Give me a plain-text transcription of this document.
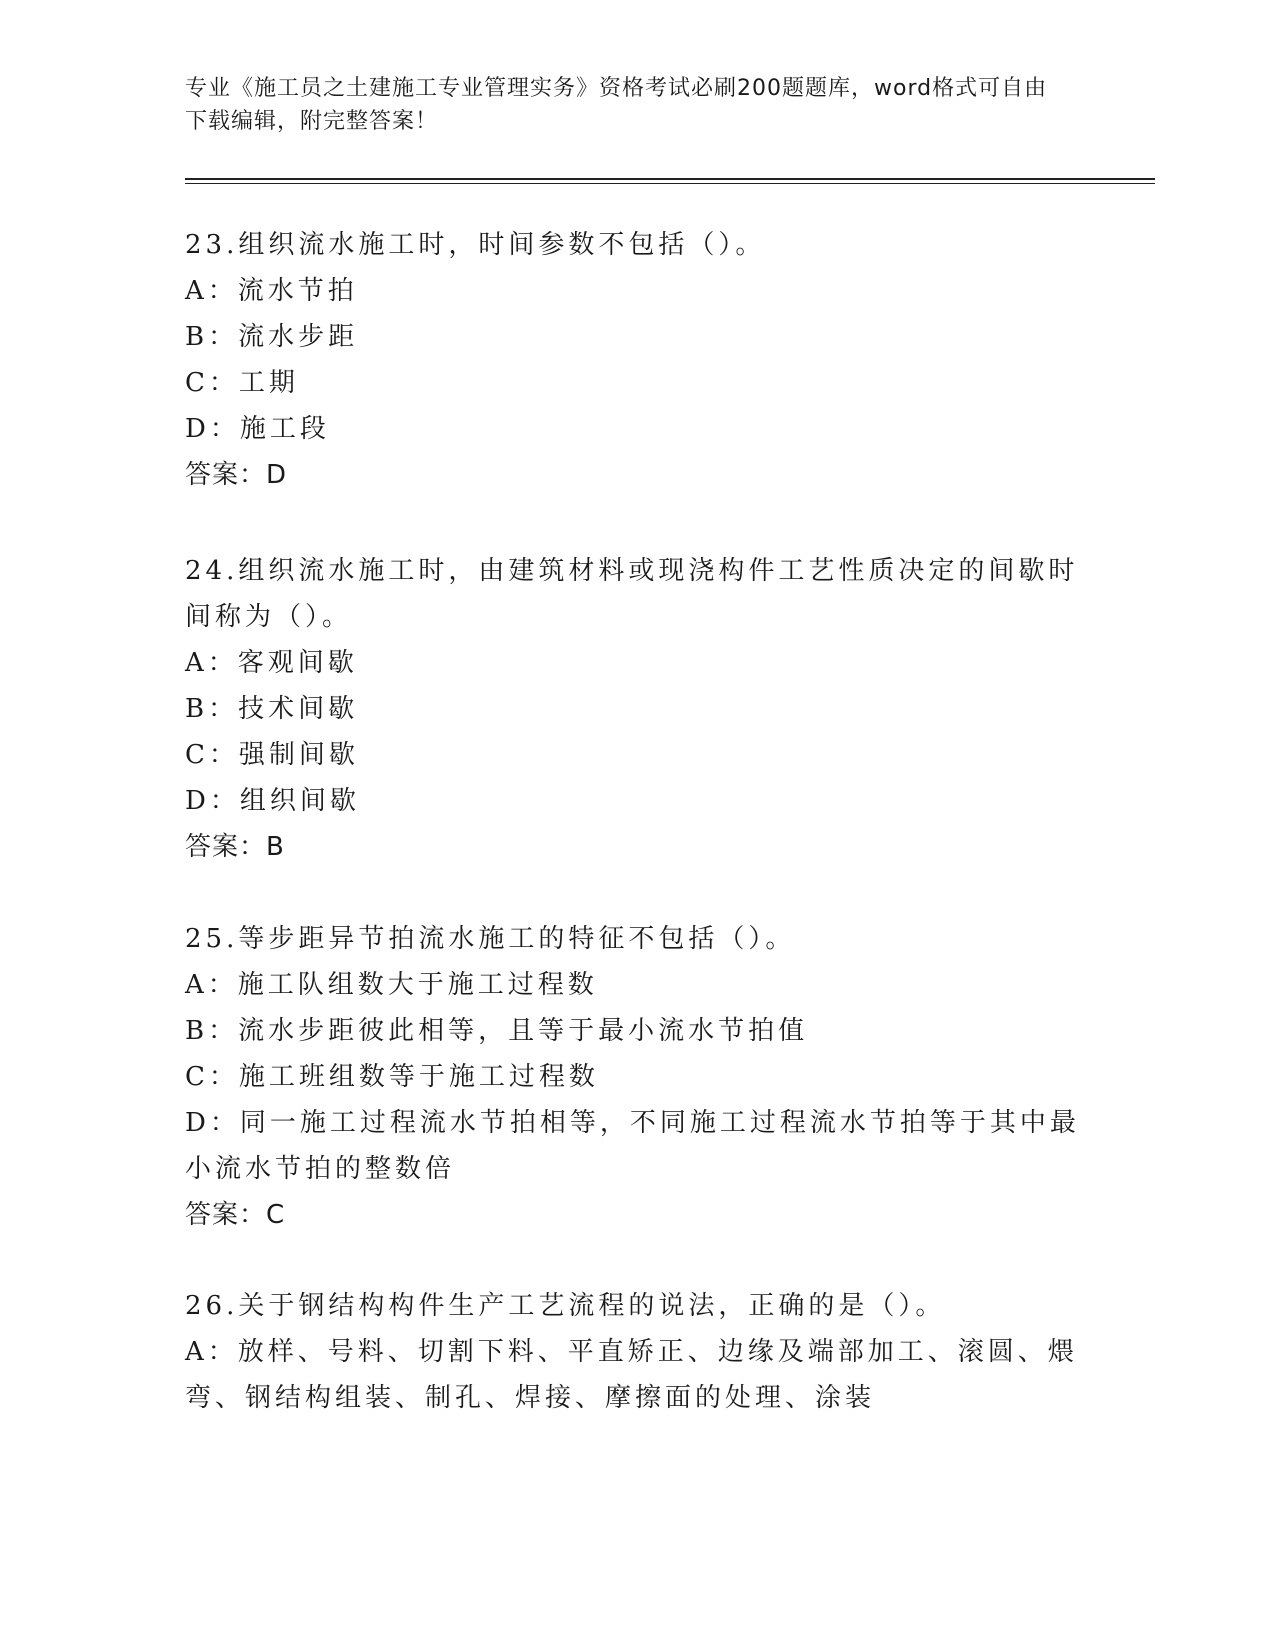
专业《施工员之土建施工专业管理实务》资格考试必刷200题题库，word格式可自由下载编辑，附完整答案！
23.组织流水施工时，时间参数不包括（）。
A：流水节拍
B：流水步距
C：工期
D：施工段
答案：D
24.组织流水施工时，由建筑材料或现浇构件工艺性质决定的间歇时间称为（）。
A：客观间歇
B：技术间歇
C：强制间歇
D：组织间歇
答案：B
25.等步距异节拍流水施工的特征不包括（）。
A：施工队组数大于施工过程数
B：流水步距彼此相等，且等于最小流水节拍值
C：施工班组数等于施工过程数
D：同一施工过程流水节拍相等，不同施工过程流水节拍等于其中最小流水节拍的整数倍
答案：C
26.关于钢结构构件生产工艺流程的说法，正确的是（）。
A：放样、号料、切割下料、平直矫正、边缘及端部加工、滚圆、煨弯、钢结构组装、制孔、焊接、摩擦面的处理、涂装
